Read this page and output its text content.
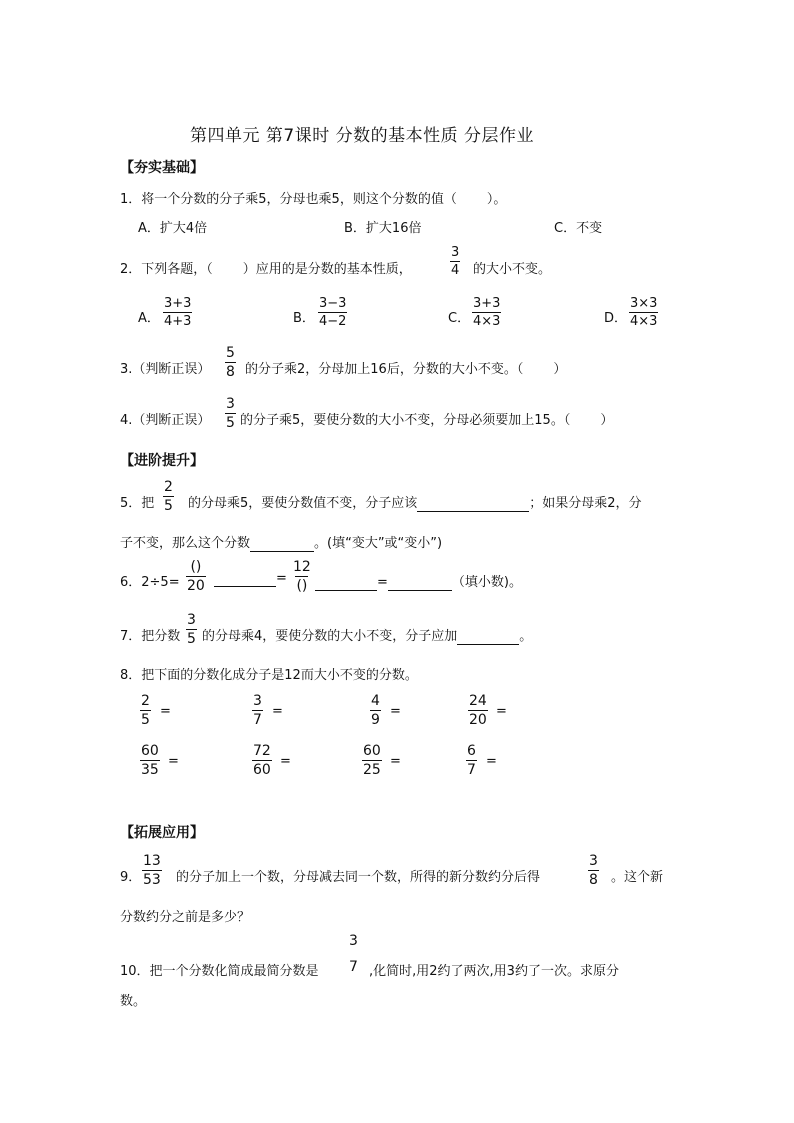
第四单元 第7课时 分数的基本性质 分层作业
【夯实基础】
1．将一个分数的分子乘5，分母也乘5，则这个分数的值（ ）。
A．扩大4倍	B．扩大16倍	C．不变
2．下列各题，（ ）应用的是分数的基本性质，	$\frac{3}{4}$ 的大小不变。
A． $\frac{3+3}{4+3}$	B． $\frac{3-3}{4-2}$	C． $\frac{3+3}{4\times 3}$	D． $\frac{3\times 3}{4\times 3}$
3.（判断正误） $\frac{5}{8}$ 的分子乘2，分母加上16后，分数的大小不变。（ ）
4.（判断正误） $\frac{3}{5}$ 的分子乘5，要使分数的大小不变，分母必须要加上15。（ ）
【进阶提升】
5．把 $\frac{2}{5}$ 的分母乘5，要使分数值不变，分子应该	；如果分母乘2，分
子不变，那么这个分数	。(填“变大”或“变小”)
6．2÷5=
()
20	=
12
()	=	（填小数)。
7．把分数 $\frac{3}{5}$ 的分母乘4，要使分数的大小不变，分子应加	。
8．把下面的分数化成分子是12而大小不变的分数。
$\frac{2}{5}$ =
	$\frac{3}{7}$ =
	$\frac{4}{9}$ =
	$\frac{24}{20}$ =

$\frac{60}{35}$ =
	$\frac{72}{60}$ =
	$\frac{60}{25}$ =
	$\frac{6}{7}$ =

【拓展应用】
9． $\frac{13}{53}$ 的分子加上一个数，分母减去同一个数，所得的新分数约分后得	$\frac{3}{8}$ 。这个新
分数约分之前是多少？
10．把一个分数化简成最简分数是
3
7 ,化简时,用2约了两次,用3约了一次。求原分
数。
